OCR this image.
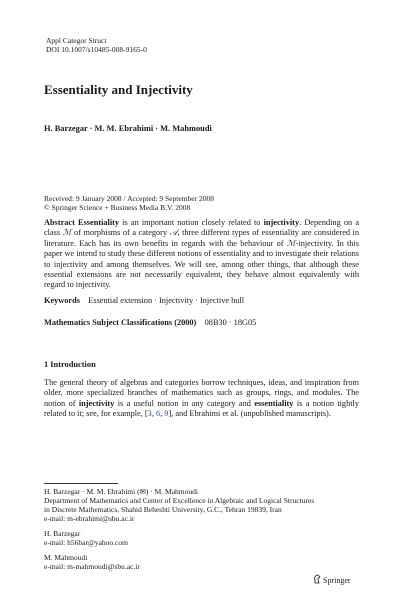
Appl Categor Struct
DOI 10.1007/s10485-008-9165-0
Essentiality and Injectivity
H. Barzegar · M. M. Ebrahimi · M. Mahmoudi
Received: 9 January 2008 / Accepted: 9 September 2008
© Springer Science + Business Media B.V. 2008
Abstract Essentiality is an important notion closely related to injectivity. Depending on a class ℳ of morphisms of a category 𝒜, three different types of essentiality are considered in literature. Each has its own benefits in regards with the behaviour of ℳ-injectivity. In this paper we intend to study these different notions of essentiality and to investigate their relations to injectivity and among themselves. We will see, among other things, that although these essential extensions are not necessarily equivalent, they behave almost equivalently with regard to injectivity.
Keywords Essential extension · Injectivity · Injective hull
Mathematics Subject Classifications (2000) 08B30 · 18G05
1 Introduction
The general theory of algebras and categories borrow techniques, ideas, and inspiration from older, more specialized branches of mathematics such as groups, rings, and modules. The notion of injectivity is a useful notion in any category and essentiality is a notion tightly related to it; see, for example, [3, 6, 9], and Ebrahimi et al. (unpublished manuscripts).
H. Barzegar · M. M. Ebrahimi (✉) · M. Mahmoudi
Department of Mathematics and Center of Excellence in Algebraic and Logical Structures
in Discrete Mathematics, Shahid Beheshti University, G.C., Tehran 19839, Iran
e-mail: m-ebrahimi@sbu.ac.ir
H. Barzegar
e-mail: h56bar@yahoo.com
M. Mahmoudi
e-mail: m-mahmoudi@sbu.ac.ir
Springer
